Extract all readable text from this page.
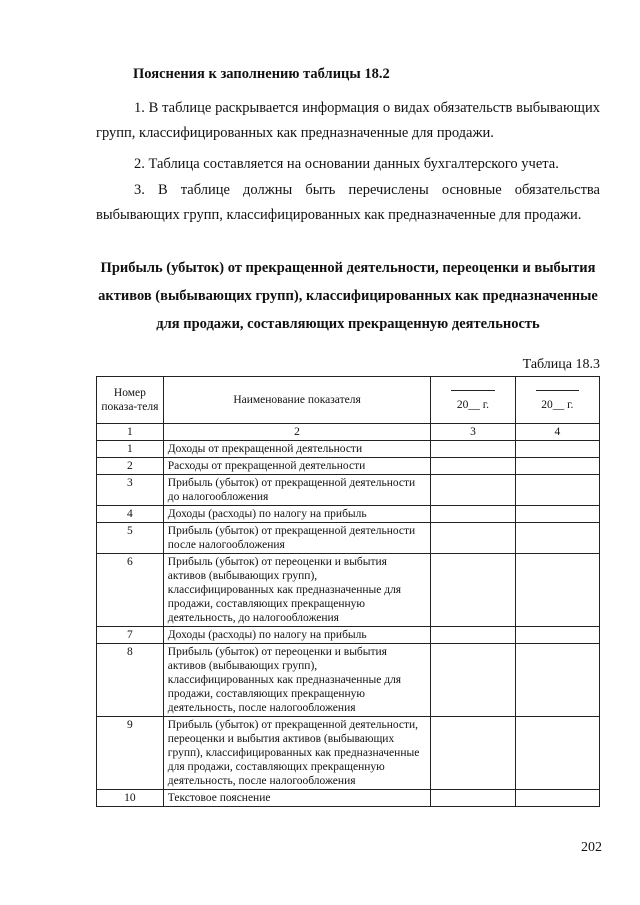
Пояснения к заполнению таблицы 18.2
1. В таблице раскрывается информация о видах обязательств выбывающих групп, классифицированных как предназначенные для продажи.
2. Таблица составляется на основании данных бухгалтерского учета.
3. В таблице должны быть перечислены основные обязательства выбывающих групп, классифицированных как предназначенные для продажи.
Прибыль (убыток) от прекращенной деятельности, переоценки и выбытия активов (выбывающих групп), классифицированных как предназначенные для продажи, составляющих прекращенную деятельность
Таблица 18.3
Номер показа-теля	Наименование показателя	20__ г.	20__ г.

1	2	3	4
1	Доходы от прекращенной деятельности		
2	Расходы от прекращенной деятельности		
3	Прибыль (убыток) от прекращенной деятельности до налогообложения		
4	Доходы (расходы) по налогу на прибыль		
5	Прибыль (убыток) от прекращенной деятельности после налогообложения		
6	Прибыль (убыток) от переоценки и выбытия активов (выбывающих групп), классифицированных как предназначенные для продажи, составляющих прекращенную деятельность, до налогообложения		
7	Доходы (расходы) по налогу на прибыль		
8	Прибыль (убыток) от переоценки и выбытия активов (выбывающих групп), классифицированных как предназначенные для продажи, составляющих прекращенную деятельность, после налогообложения		
9	Прибыль (убыток) от прекращенной деятельности, переоценки и выбытия активов (выбывающих групп), классифицированных как предназначенные для продажи, составляющих прекращенную деятельность, после налогообложения		
10	Текстовое пояснение		
202
